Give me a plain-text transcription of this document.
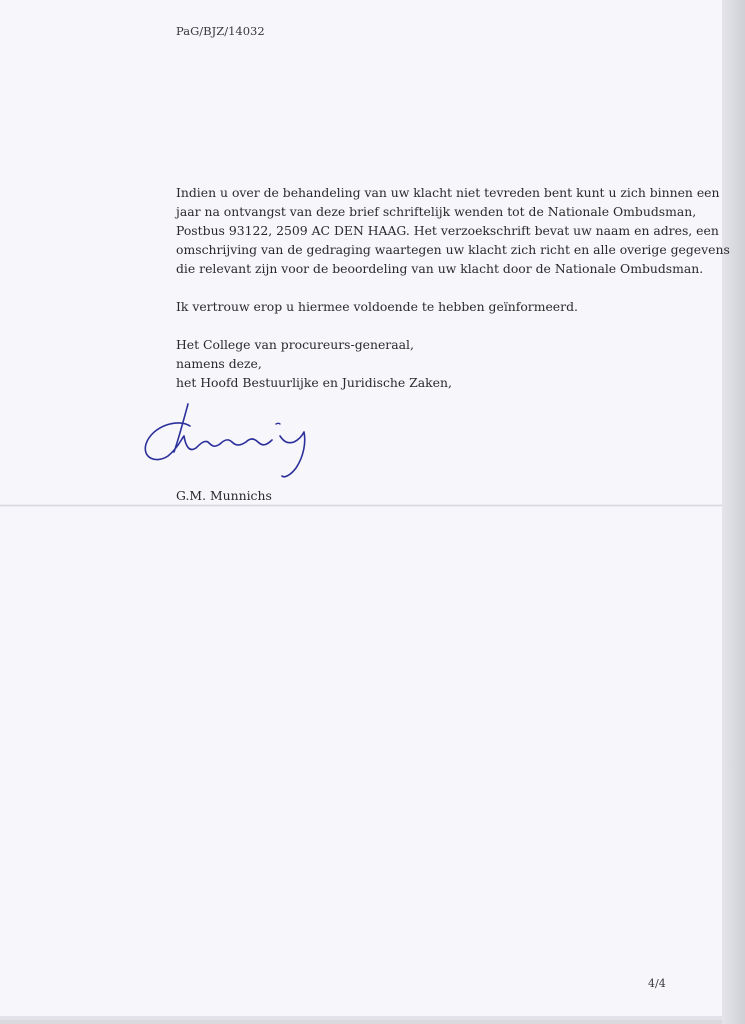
PaG/BJZ/14032
Indien u over de behandeling van uw klacht niet tevreden bent kunt u zich binnen een
jaar na ontvangst van deze brief schriftelijk wenden tot de Nationale Ombudsman,
Postbus 93122, 2509 AC DEN HAAG. Het verzoekschrift bevat uw naam en adres, een
omschrijving van de gedraging waartegen uw klacht zich richt en alle overige gegevens
die relevant zijn voor de beoordeling van uw klacht door de Nationale Ombudsman.
Ik vertrouw erop u hiermee voldoende te hebben geïnformeerd.
Het College van procureurs-generaal,
namens deze,
het Hoofd Bestuurlijke en Juridische Zaken,
G.M. Munnichs
4/4
